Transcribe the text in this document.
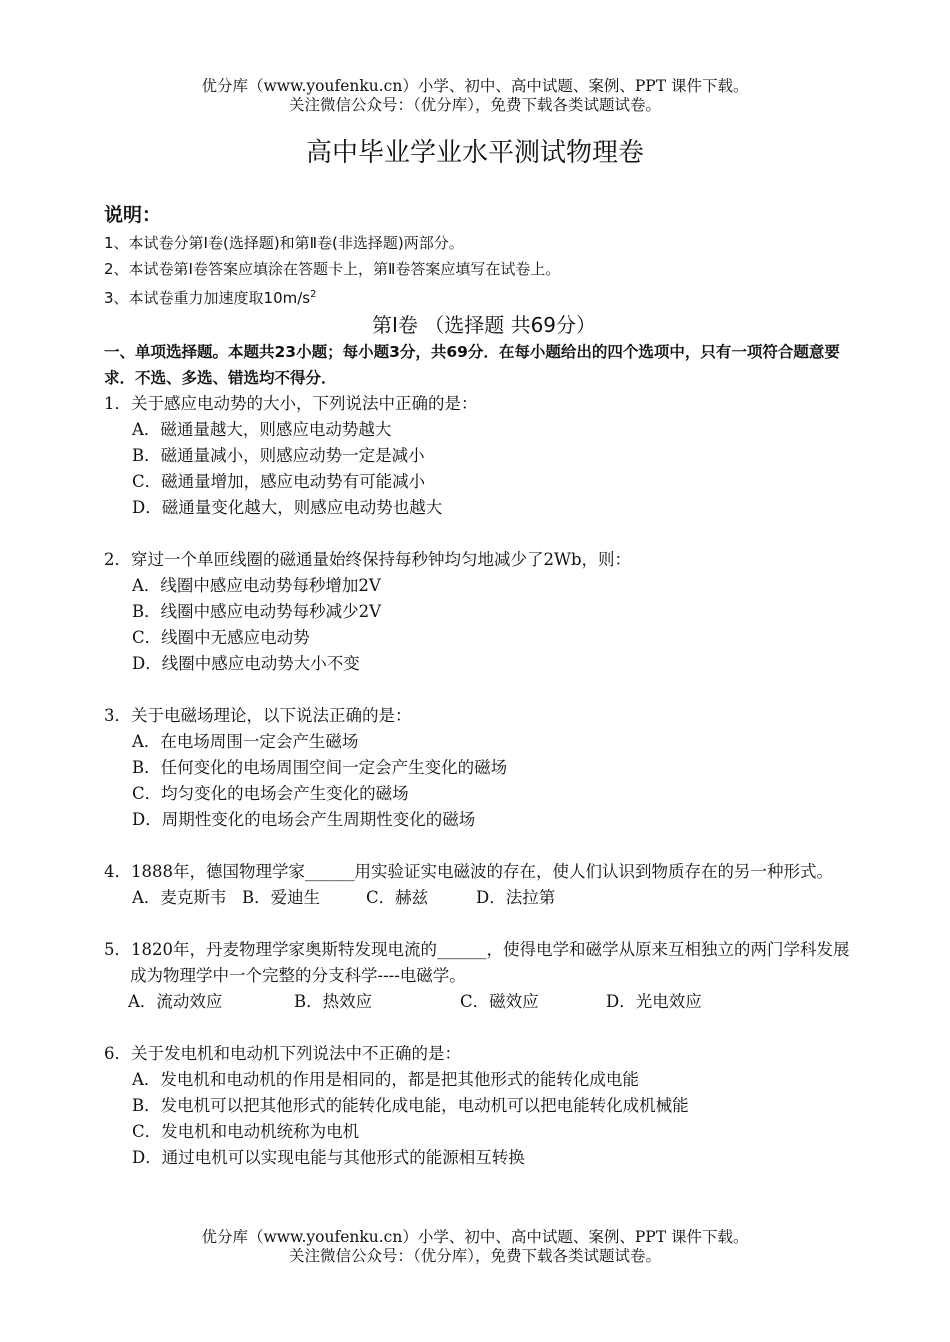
优分库（www.youfenku.cn）小学、初中、高中试题、案例、PPT 课件下载。
关注微信公众号：（优分库），免费下载各类试题试卷。
高中毕业学业水平测试物理卷
说明：
1、本试卷分第Ⅰ卷(选择题)和第Ⅱ卷(非选择题)两部分。
2、本试卷第Ⅰ卷答案应填涂在答题卡上，第Ⅱ卷答案应填写在试卷上。
3、本试卷重力加速度取$10m/s^2$
第Ⅰ卷 （选择题 共69分）
一、单项选择题。本题共23小题；每小题3分，共69分．在每小题给出的四个选项中，只有一项符合题意要求．不选、多选、错选均不得分．
1．关于感应电动势的大小，下列说法中正确的是：
A．磁通量越大，则感应电动势越大
B．磁通量减小，则感应动势一定是减小
C．磁通量增加，感应电动势有可能减小
D．磁通量变化越大，则感应电动势也越大
2．穿过一个单匝线圈的磁通量始终保持每秒钟均匀地减少了2Wb，则：
A．线圈中感应电动势每秒增加2V
B．线圈中感应电动势每秒减少2V
C．线圈中无感应电动势
D．线圈中感应电动势大小不变
3．关于电磁场理论，以下说法正确的是：
A．在电场周围一定会产生磁场
B．任何变化的电场周围空间一定会产生变化的磁场
C．均匀变化的电场会产生变化的磁场
D．周期性变化的电场会产生周期性变化的磁场
4．1888年，德国物理学家______用实验证实电磁波的存在，使人们认识到物质存在的另一种形式。
A．麦克斯韦 B．爱迪生	C．赫兹	D．法拉第
5．1820年，丹麦物理学家奥斯特发现电流的______，使得电学和磁学从原来互相独立的两门学科发展成为物理学中一个完整的分支科学----电磁学。
A．流动效应	B．热效应	C．磁效应	D．光电效应
6．关于发电机和电动机下列说法中不正确的是：
A．发电机和电动机的作用是相同的，都是把其他形式的能转化成电能
B．发电机可以把其他形式的能转化成电能，电动机可以把电能转化成机械能
C．发电机和电动机统称为电机
D．通过电机可以实现电能与其他形式的能源相互转换
优分库（www.youfenku.cn）小学、初中、高中试题、案例、PPT 课件下载。
关注微信公众号：（优分库），免费下载各类试题试卷。
